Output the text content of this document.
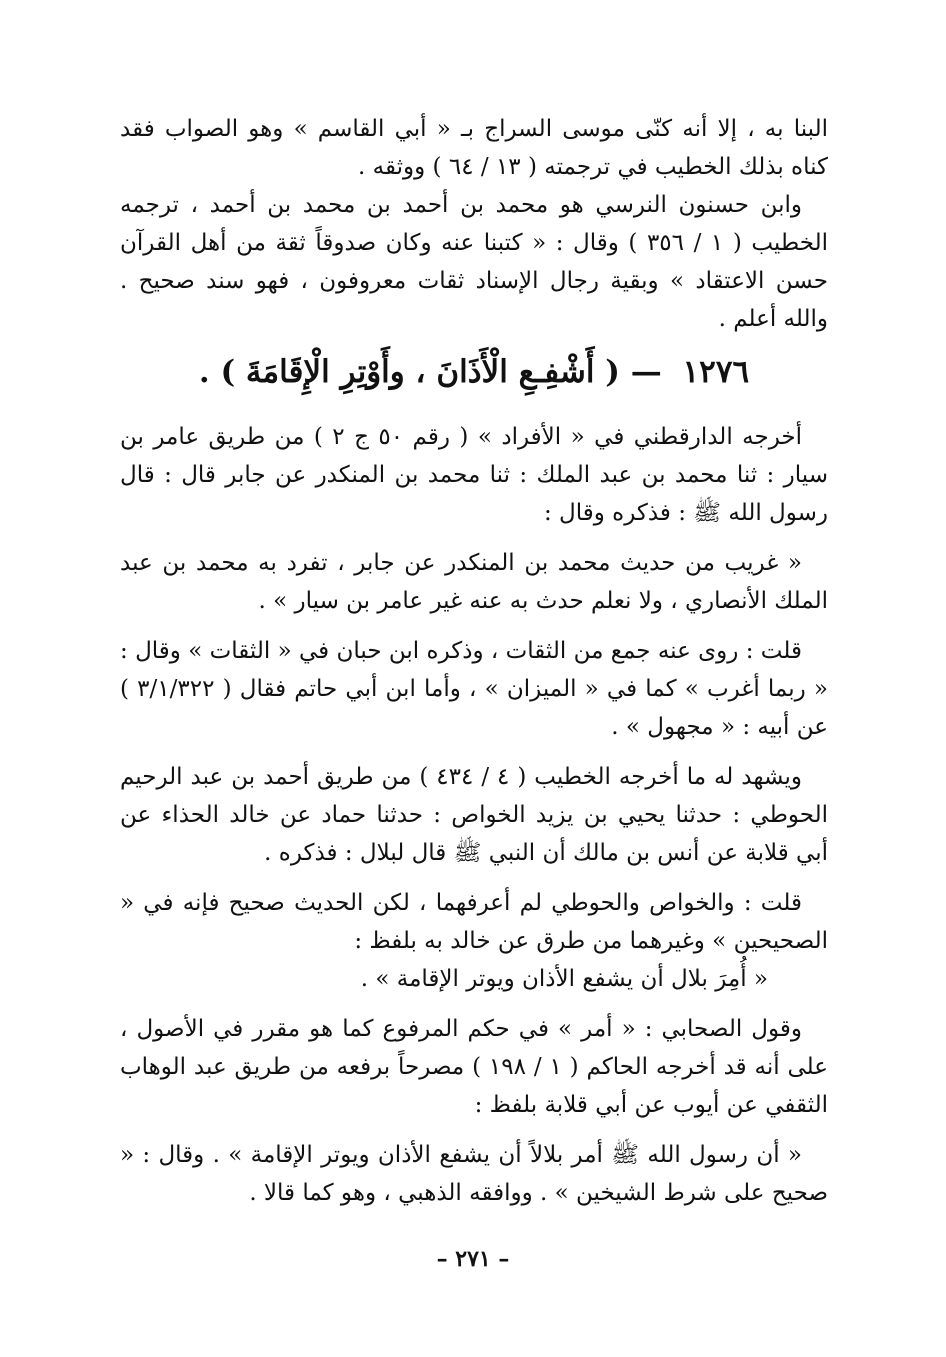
البنا به ، إلا أنه كنّى موسى السراج بـ « أبي القاسم » وهو الصواب فقد كناه بذلك الخطيب في ترجمته ( ١٣ / ٦٤ ) ووثقه .

وابن حسنون النرسي هو محمد بن أحمد بن محمد بن أحمد ، ترجمه الخطيب ( ١ / ٣٥٦ ) وقال : « كتبنا عنه وكان صدوقاً ثقة من أهل القرآن حسن الاعتقاد » وبقية رجال الإسناد ثقات معروفون ، فهو سند صحيح . والله أعلم .

١٢٧٦ — ( أَشْفِـعِ الْأَذَانَ ، وأَوْتِرِ الْإِقَامَةَ ) .

أخرجه الدارقطني في « الأفراد » ( رقم ٥٠ ج ٢ ) من طريق عامر بن سيار : ثنا محمد بن عبد الملك : ثنا محمد بن المنكدر عن جابر قال : قال رسول الله ﷺ : فذكره وقال :

« غريب من حديث محمد بن المنكدر عن جابر ، تفرد به محمد بن عبد الملك الأنصاري ، ولا نعلم حدث به عنه غير عامر بن سيار » .

قلت : روى عنه جمع من الثقات ، وذكره ابن حبان في « الثقات » وقال : « ربما أغرب » كما في « الميزان » ، وأما ابن أبي حاتم فقال ( ٣/١/٣٢٢ ) عن أبيه : « مجهول » .

ويشهد له ما أخرجه الخطيب ( ٤ / ٤٣٤ ) من طريق أحمد بن عبد الرحيم الحوطي : حدثنا يحيي بن يزيد الخواص : حدثنا حماد عن خالد الحذاء عن أبي قلابة عن أنس بن مالك أن النبي ﷺ قال لبلال : فذكره .

قلت : والخواص والحوطي لم أعرفهما ، لكن الحديث صحيح فإنه في « الصحيحين » وغيرهما من طرق عن خالد به بلفظ :

« أُمِرَ بلال أن يشفع الأذان ويوتر الإقامة » .

وقول الصحابي : « أمر » في حكم المرفوع كما هو مقرر في الأصول ، على أنه قد أخرجه الحاكم ( ١ / ١٩٨ ) مصرحاً برفعه من طريق عبد الوهاب الثقفي عن أيوب عن أبي قلابة بلفظ :

« أن رسول الله ﷺ أمر بلالاً أن يشفع الأذان ويوتر الإقامة » . وقال : « صحيح على شرط الشيخين » . ووافقه الذهبي ، وهو كما قالا .

– ٢٧١ –
